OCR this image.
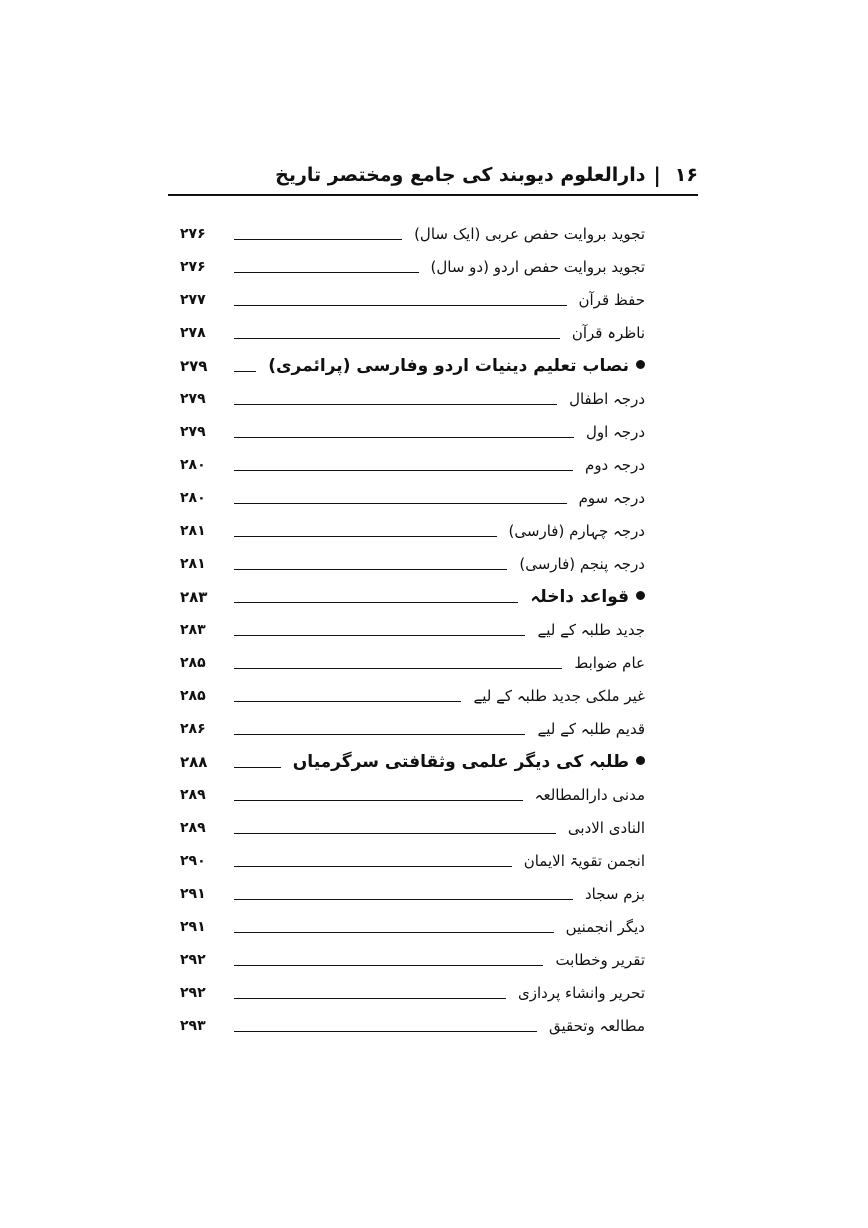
۱۶
|
دارالعلوم دیوبند کی جامع ومختصر تاریخ
تجوید بروایت حفص عربی (ایک سال)
۲۷۶
تجوید بروایت حفص اردو (دو سال)
۲۷۶
حفظ قرآن
۲۷۷
ناظرہ قرآن
۲۷۸
نصاب تعلیم دینیات اردو وفارسی (پرائمری)
۲۷۹
درجہ اطفال
۲۷۹
درجہ اول
۲۷۹
درجہ دوم
۲۸۰
درجہ سوم
۲۸۰
درجہ چہارم (فارسی)
۲۸۱
درجہ پنجم (فارسی)
۲۸۱
قواعد داخلہ
۲۸۳
جدید طلبہ کے لیے
۲۸۳
عام ضوابط
۲۸۵
غیر ملکی جدید طلبہ کے لیے
۲۸۵
قدیم طلبہ کے لیے
۲۸۶
طلبہ کی دیگر علمی وثقافتی سرگرمیاں
۲۸۸
مدنی دارالمطالعہ
۲۸۹
النادی الادبی
۲۸۹
انجمن تقویۃ الایمان
۲۹۰
بزم سجاد
۲۹۱
دیگر انجمنیں
۲۹۱
تقریر وخطابت
۲۹۲
تحریر وانشاء پردازی
۲۹۲
مطالعہ وتحقیق
۲۹۳
